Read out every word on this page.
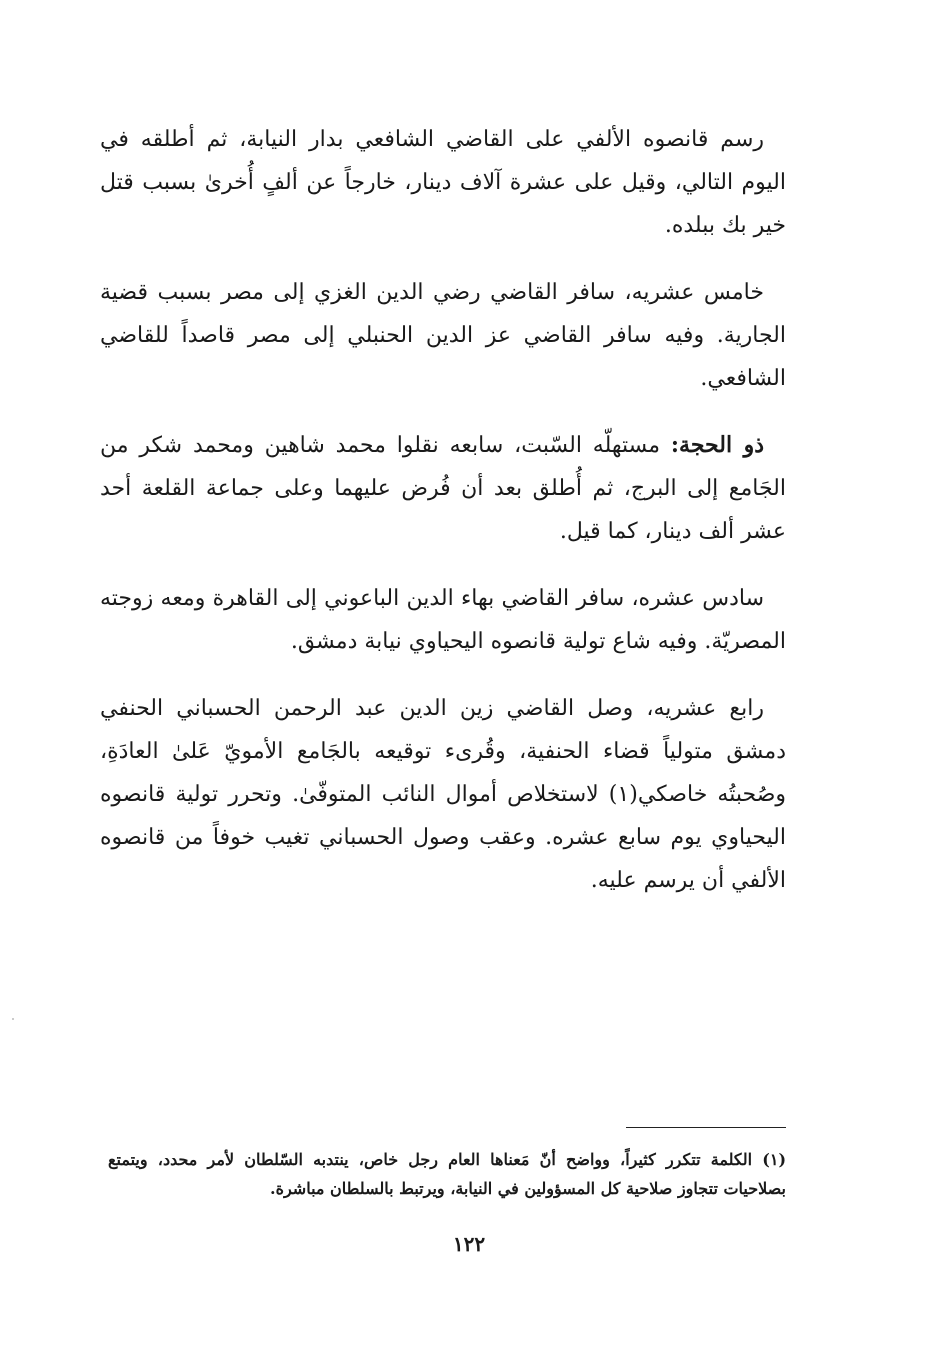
رسم قانصوه الألفي على القاضي الشافعي بدار النيابة، ثم أطلقه في اليوم التالي، وقيل على عشرة آلاف دينار، خارجاً عن ألفٍ أُخرىٰ بسبب قتل خير بك ببلده.

خامس عشريه، سافر القاضي رضي الدين الغزي إلى مصر بسبب قضية الجارية. وفيه سافر القاضي عز الدين الحنبلي إلى مصر قاصداً للقاضي الشافعي.

ذو الحجة: مستهلّه السّبت، سابعه نقلوا محمد شاهين ومحمد شكر من الجَامع إلى البرج، ثم أُطلق بعد أن فُرض عليهما وعلى جماعة القلعة أحد عشر ألف دينار، كما قيل.

سادس عشره، سافر القاضي بهاء الدين الباعوني إلى القاهرة ومعه زوجته المصريّة. وفيه شاع تولية قانصوه اليحياوي نيابة دمشق.

رابع عشريه، وصل القاضي زين الدين عبد الرحمن الحسباني الحنفي دمشق متولياً قضاء الحنفية، وقُرىء توقيعه بالجَامع الأمويّ عَلىٰ العادَةِ، وصُحبتُه خاصكي(١) لاستخلاص أموال النائب المتوفّىٰ. وتحرر تولية قانصوه اليحياوي يوم سابع عشره. وعقب وصول الحسباني تغيب خوفاً من قانصوه الألفي أن يرسم عليه.

(١) الكلمة تتكرر كثيراً، وواضح أنّ مَعناها العام رجل خاص، ينتدبه السّلطان لأمر محدد، ويتمتع بصلاحيات تتجاوز صلاحية كل المسؤولين في النيابة، ويرتبط بالسلطان مباشرة.

١٢٢
